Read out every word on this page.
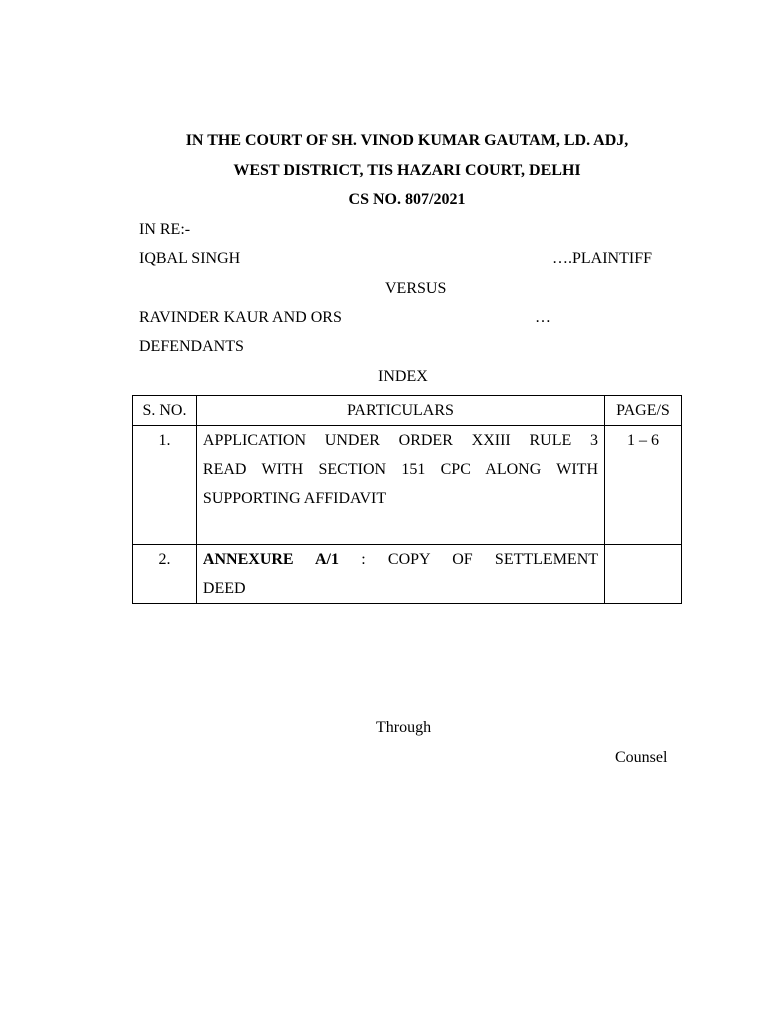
IN THE COURT OF SH. VINOD KUMAR GAUTAM, LD. ADJ,
WEST DISTRICT, TIS HAZARI COURT, DELHI
CS NO. 807/2021
IN RE:-
IQBAL SINGH	….PLAINTIFF
VERSUS
RAVINDER KAUR AND ORS	…
DEFENDANTS
INDEX
S. NO.	PARTICULARS	PAGE/S
1.	APPLICATION UNDER ORDER XXIII RULE 3
READ WITH SECTION 151 CPC ALONG WITH
SUPPORTING AFFIDAVIT	1 – 6
2.	ANNEXURE A/1 : COPY OF SETTLEMENT
DEED	

Through
Counsel
